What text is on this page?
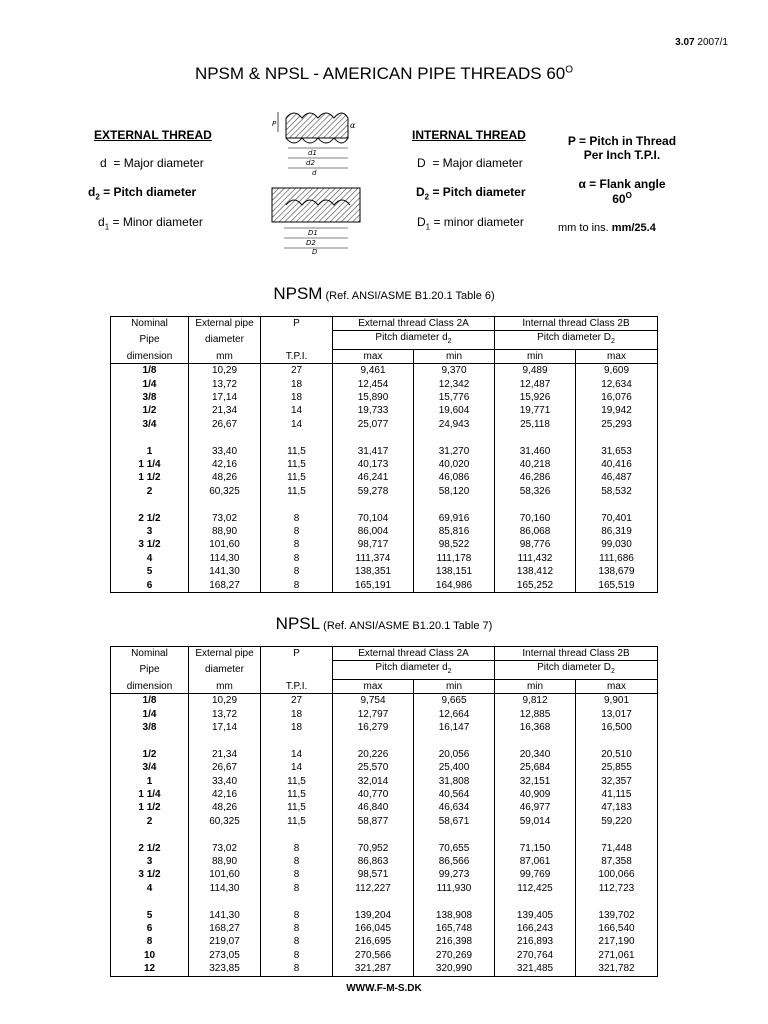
3.07 2007/1
NPSM & NPSL - AMERICAN PIPE THREADS $60^O$
EXTERNAL THREAD
d  = Major diameter
$d_2$ = Pitch diameter
$d_1$ = Minor diameter
INTERNAL THREAD
D  = Major diameter
$D_2$ = Pitch diameter
$D_1$ = minor diameter
P = Pitch in Thread
Per Inch T.P.I.
α = Flank angle
$60^O$
mm to ins. mm/25.4
P	α
d1
d2
d
D1
D2
D
NPSM (Ref. ANSI/ASME B1.20.1 Table 6)
Nominal	External pipe	P	External thread Class 2A		Internal thread Class 2B	
Pipe	diameter		Pitch diameter $d_2$		Pitch diameter $D_2$
dimension	mm	T.P.I.	max	min	min	max
1/8	10,29	27	9,461	9,370	9,489	9,609
1/4	13,72	18	12,454	12,342	12,487	12,634
3/8	17,14	18	15,890	15,776	15,926	16,076
1/2	21,34	14	19,733	19,604	19,771	19,942
3/4	26,67	14	25,077	24,943	25,118	25,293

1	33,40	11,5	31,417	31,270	31,460	31,653
1 1/4	42,16	11,5	40,173	40,020	40,218	40,416
1 1/2	48,26	11,5	46,241	46,086	46,286	46,487
2	60,325	11,5	59,278	58,120	58,326	58,532

2 1/2	73,02	8	70,104	69,916	70,160	70,401
3	88,90	8	86,004	85,816	86,068	86,319
3 1/2	101,60	8	98,717	98,522	98,776	99,030
4	114,30	8	111,374	111,178	111,432	111,686
5	141,30	8	138,351	138,151	138,412	138,679
6	168,27	8	165,191	164,986	165,252	165,519
NPSL (Ref. ANSI/ASME B1.20.1 Table 7)
Nominal	External pipe	P	External thread Class 2A		Internal thread Class 2B	
Pipe	diameter		Pitch diameter $d_2$		Pitch diameter $D_2$
dimension	mm	T.P.I.	max	min	min	max
1/8	10,29	27	9,754	9,665	9,812	9,901
1/4	13,72	18	12,797	12,664	12,885	13,017
3/8	17,14	18	16,279	16,147	16,368	16,500

1/2	21,34	14	20,226	20,056	20,340	20,510
3/4	26,67	14	25,570	25,400	25,684	25,855
1	33,40	11,5	32,014	31,808	32,151	32,357
1 1/4	42,16	11,5	40,770	40,564	40,909	41,115
1 1/2	48,26	11,5	46,840	46,634	46,977	47,183
2	60,325	11,5	58,877	58,671	59,014	59,220

2 1/2	73,02	8	70,952	70,655	71,150	71,448
3	88,90	8	86,863	86,566	87,061	87,358
3 1/2	101,60	8	98,571	99,273	99,769	100,066
4	114,30	8	112,227	111,930	112,425	112,723

5	141,30	8	139,204	138,908	139,405	139,702
6	168,27	8	166,045	165,748	166,243	166,540
8	219,07	8	216,695	216,398	216,893	217,190
10	273,05	8	270,566	270,269	270,764	271,061
12	323,85	8	321,287	320,990	321,485	321,782
WWW.F-M-S.DK
